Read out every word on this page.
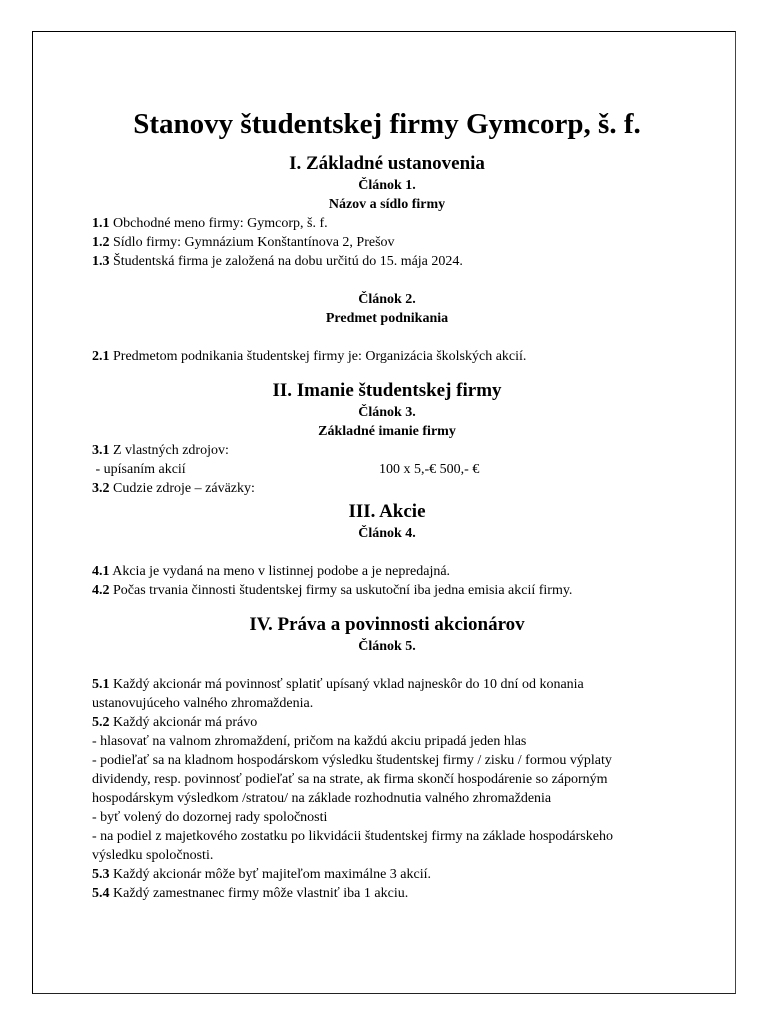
Stanovy študentskej firmy Gymcorp, š. f.
I. Základné ustanovenia

Článok 1.

Názov a sídlo firmy

1.1 Obchodné meno firmy: Gymcorp, š. f.

1.2 Sídlo firmy: Gymnázium Konštantínova 2, Prešov

1.3 Študentská firma je založená na dobu určitú do 15. mája 2024.

Článok 2.

Predmet podnikania

2.1 Predmetom podnikania študentskej firmy je: Organizácia školských akcií.

II. Imanie študentskej firmy

Článok 3.

Základné imanie firmy

3.1 Z vlastných zdrojov:

- upísaním akcií	100 x 5,-€ 500,- €

3.2 Cudzie zdroje – záväzky:

III. Akcie

Článok 4.

4.1 Akcia je vydaná na meno v listinnej podobe a je nepredajná.

4.2 Počas trvania činnosti študentskej firmy sa uskutoční iba jedna emisia akcií firmy.

IV. Práva a povinnosti akcionárov

Článok 5.

5.1 Každý akcionár má povinnosť splatiť upísaný vklad najneskôr do 10 dní od konania

ustanovujúceho valného zhromaždenia.

5.2 Každý akcionár má právo

- hlasovať na valnom zhromaždení, pričom na každú akciu pripadá jeden hlas

- podieľať sa na kladnom hospodárskom výsledku študentskej firmy / zisku / formou výplaty

dividendy, resp. povinnosť podieľať sa na strate, ak firma skončí hospodárenie so záporným

hospodárskym výsledkom /stratou/ na základe rozhodnutia valného zhromaždenia

- byť volený do dozornej rady spoločnosti

- na podiel z majetkového zostatku po likvidácii študentskej firmy na základe hospodárskeho

výsledku spoločnosti.

5.3 Každý akcionár môže byť majiteľom maximálne 3 akcií.

5.4 Každý zamestnanec firmy môže vlastniť iba 1 akciu.
